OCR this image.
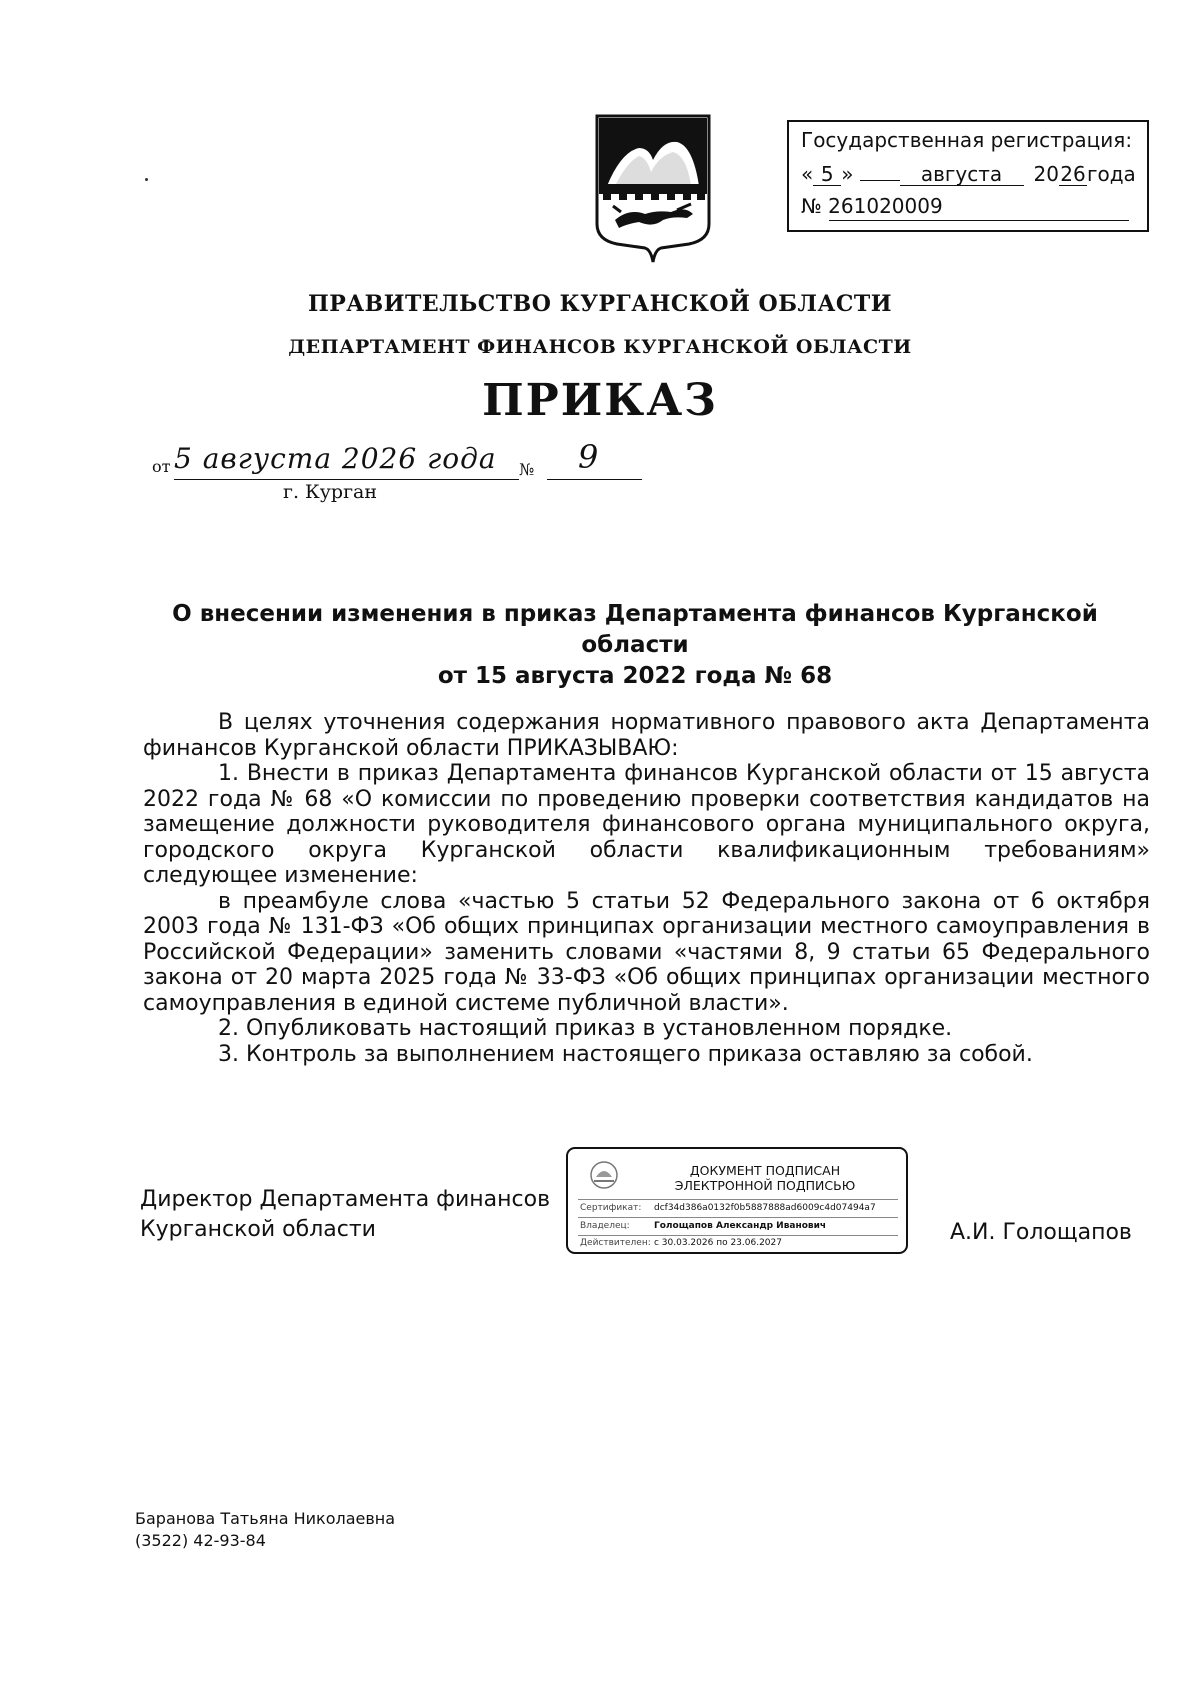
Государственная регистрация:
« 5 »	августа 2026года
№ 261020009
ПРАВИТЕЛЬСТВО КУРГАНСКОЙ ОБЛАСТИ
ДЕПАРТАМЕНТ ФИНАНСОВ КУРГАНСКОЙ ОБЛАСТИ
ПРИКАЗ
от 5 августа 2026 года № 9
г. Курган
О внесении изменения в приказ Департамента финансов Курганской области
от 15 августа 2022 года № 68

В целях уточнения содержания нормативного правового акта Департамента финансов Курганской области ПРИКАЗЫВАЮ:

1. Внести в приказ Департамента финансов Курганской области от 15 августа 2022 года № 68 «О комиссии по проведению проверки соответствия кандидатов на замещение должности руководителя финансового органа муниципального округа, городского округа Курганской области квалификационным требованиям» следующее изменение:

в преамбуле слова «частью 5 статьи 52 Федерального закона от 6 октября 2003 года № 131-ФЗ «Об общих принципах организации местного самоуправления в Российской Федерации» заменить словами «частями 8, 9 статьи 65 Федерального закона от 20 марта 2025 года № 33-ФЗ «Об общих принципах организации местного самоуправления в единой системе публичной власти».

2. Опубликовать настоящий приказ в установленном порядке.

3. Контроль за выполнением настоящего приказа оставляю за собой.

Директор Департамента финансов
Курганской области
ДОКУМЕНТ ПОДПИСАН
ЭЛЕКТРОННОЙ ПОДПИСЬЮ
Сертификат: dcf34d386a0132f0b5887888ad6009c4d07494a7
Владелец:	Голощапов Александр Иванович
Действителен: с 30.03.2026 по 23.06.2027	А.И. Голощапов
Баранова Татьяна Николаевна
(3522) 42-93-84
